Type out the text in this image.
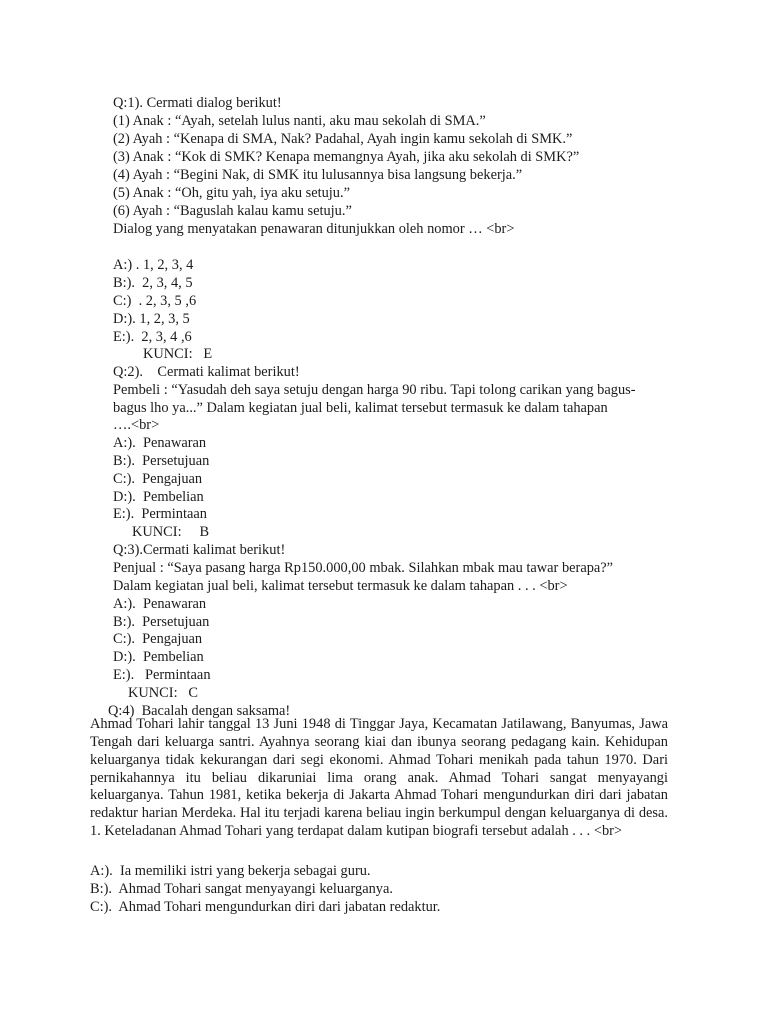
Q:1). Cermati dialog berikut!
(1) Anak : “Ayah, setelah lulus nanti, aku mau sekolah di SMA.”
(2) Ayah : “Kenapa di SMA, Nak? Padahal, Ayah ingin kamu sekolah di SMK.”
(3) Anak : “Kok di SMK? Kenapa memangnya Ayah, jika aku sekolah di SMK?”
(4) Ayah : “Begini Nak, di SMK itu lulusannya bisa langsung bekerja.”
(5) Anak : “Oh, gitu yah, iya aku setuju.”
(6) Ayah : “Baguslah kalau kamu setuju.”
Dialog yang menyatakan penawaran ditunjukkan oleh nomor … <br>
A:) . 1, 2, 3, 4
B:).  2, 3, 4, 5
C:)  . 2, 3, 5 ,6
D:). 1, 2, 3, 5
E:).  2, 3, 4 ,6
KUNCI:   E
Q:2).    Cermati kalimat berikut!
Pembeli : “Yasudah deh saya setuju dengan harga 90 ribu. Tapi tolong carikan yang bagus-
bagus lho ya...” Dalam kegiatan jual beli, kalimat tersebut termasuk ke dalam tahapan
….<br>
A:).  Penawaran
B:).  Persetujuan
C:).  Pengajuan
D:).  Pembelian
E:).  Permintaan
KUNCI:     B
Q:3).Cermati kalimat berikut!
Penjual : “Saya pasang harga Rp150.000,00 mbak. Silahkan mbak mau tawar berapa?”
Dalam kegiatan jual beli, kalimat tersebut termasuk ke dalam tahapan . . . <br>
A:).  Penawaran
B:).  Persetujuan
C:).  Pengajuan
D:).  Pembelian
E:).   Permintaan
KUNCI:   C
Q:4)  Bacalah dengan saksama!
Ahmad Tohari lahir tanggal 13 Juni 1948 di Tinggar Jaya, Kecamatan Jatilawang, Banyumas, Jawa Tengah dari keluarga santri. Ayahnya seorang kiai dan ibunya seorang pedagang kain. Kehidupan keluarganya tidak kekurangan dari segi ekonomi. Ahmad Tohari menikah pada tahun 1970. Dari pernikahannya itu beliau dikaruniai lima orang anak. Ahmad Tohari sangat menyayangi keluarganya. Tahun 1981, ketika bekerja di Jakarta Ahmad Tohari mengundurkan diri dari jabatan redaktur harian Merdeka. Hal itu terjadi karena beliau ingin berkumpul dengan keluarganya di desa. 1. Keteladanan Ahmad Tohari yang terdapat dalam kutipan biografi tersebut adalah . . . <br>
A:).  Ia memiliki istri yang bekerja sebagai guru.
B:).  Ahmad Tohari sangat menyayangi keluarganya.
C:).  Ahmad Tohari mengundurkan diri dari jabatan redaktur.
